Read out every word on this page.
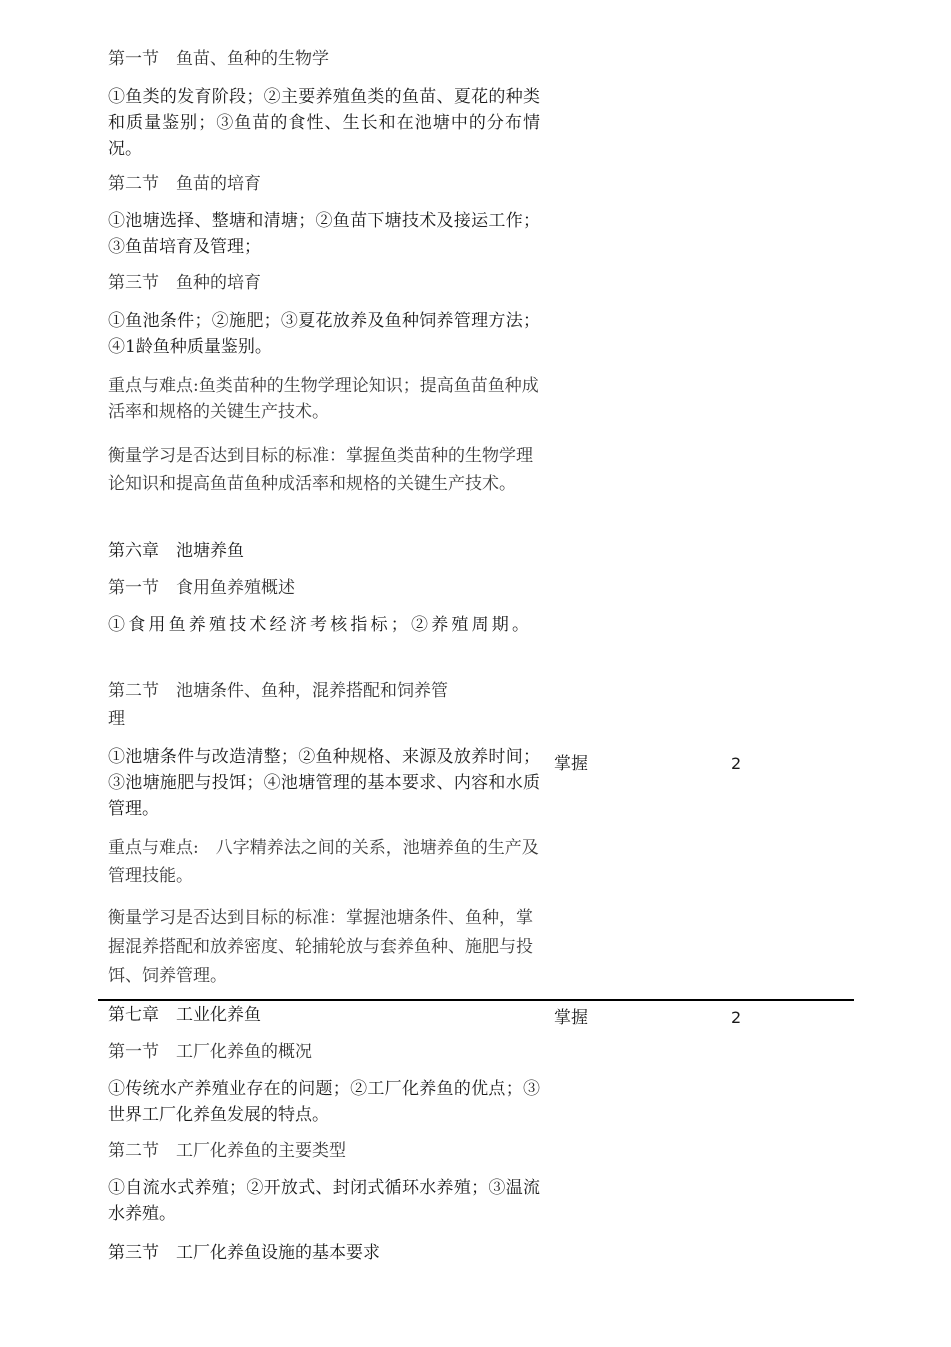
第一节　鱼苗、鱼种的生物学

①鱼类的发育阶段；②主要养殖鱼类的鱼苗、夏花的种类和质量鉴别；③鱼苗的食性、生长和在池塘中的分布情况。

第二节　鱼苗的培育

①池塘选择、整塘和清塘；②鱼苗下塘技术及接运工作；③鱼苗培育及管理；

第三节　鱼种的培育

①鱼池条件；②施肥；③夏花放养及鱼种饲养管理方法；④1龄鱼种质量鉴别。

重点与难点:鱼类苗种的生物学理论知识；提高鱼苗鱼种成活率和规格的关键生产技术。

衡量学习是否达到目标的标准：掌握鱼类苗种的生物学理论知识和提高鱼苗鱼种成活率和规格的关键生产技术。

第六章　池塘养鱼

第一节　食用鱼养殖概述

①食用鱼养殖技术经济考核指标；②养殖周期。

第二节　池塘条件、鱼种，混养搭配和饲养管

理

①池塘条件与改造清整；②鱼种规格、来源及放养时间；③池塘施肥与投饵；④池塘管理的基本要求、内容和水质管理。

重点与难点:　八字精养法之间的关系，池塘养鱼的生产及管理技能。

衡量学习是否达到目标的标准：掌握池塘条件、鱼种，掌握混养搭配和放养密度、轮捕轮放与套养鱼种、施肥与投饵、饲养管理。

第七章　工业化养鱼

第一节　工厂化养鱼的概况

①传统水产养殖业存在的问题；②工厂化养鱼的优点；③世界工厂化养鱼发展的特点。

第二节　工厂化养鱼的主要类型

①自流水式养殖；②开放式、封闭式循环水养殖；③温流水养殖。

第三节　工厂化养鱼设施的基本要求

掌握	2
掌握	2
